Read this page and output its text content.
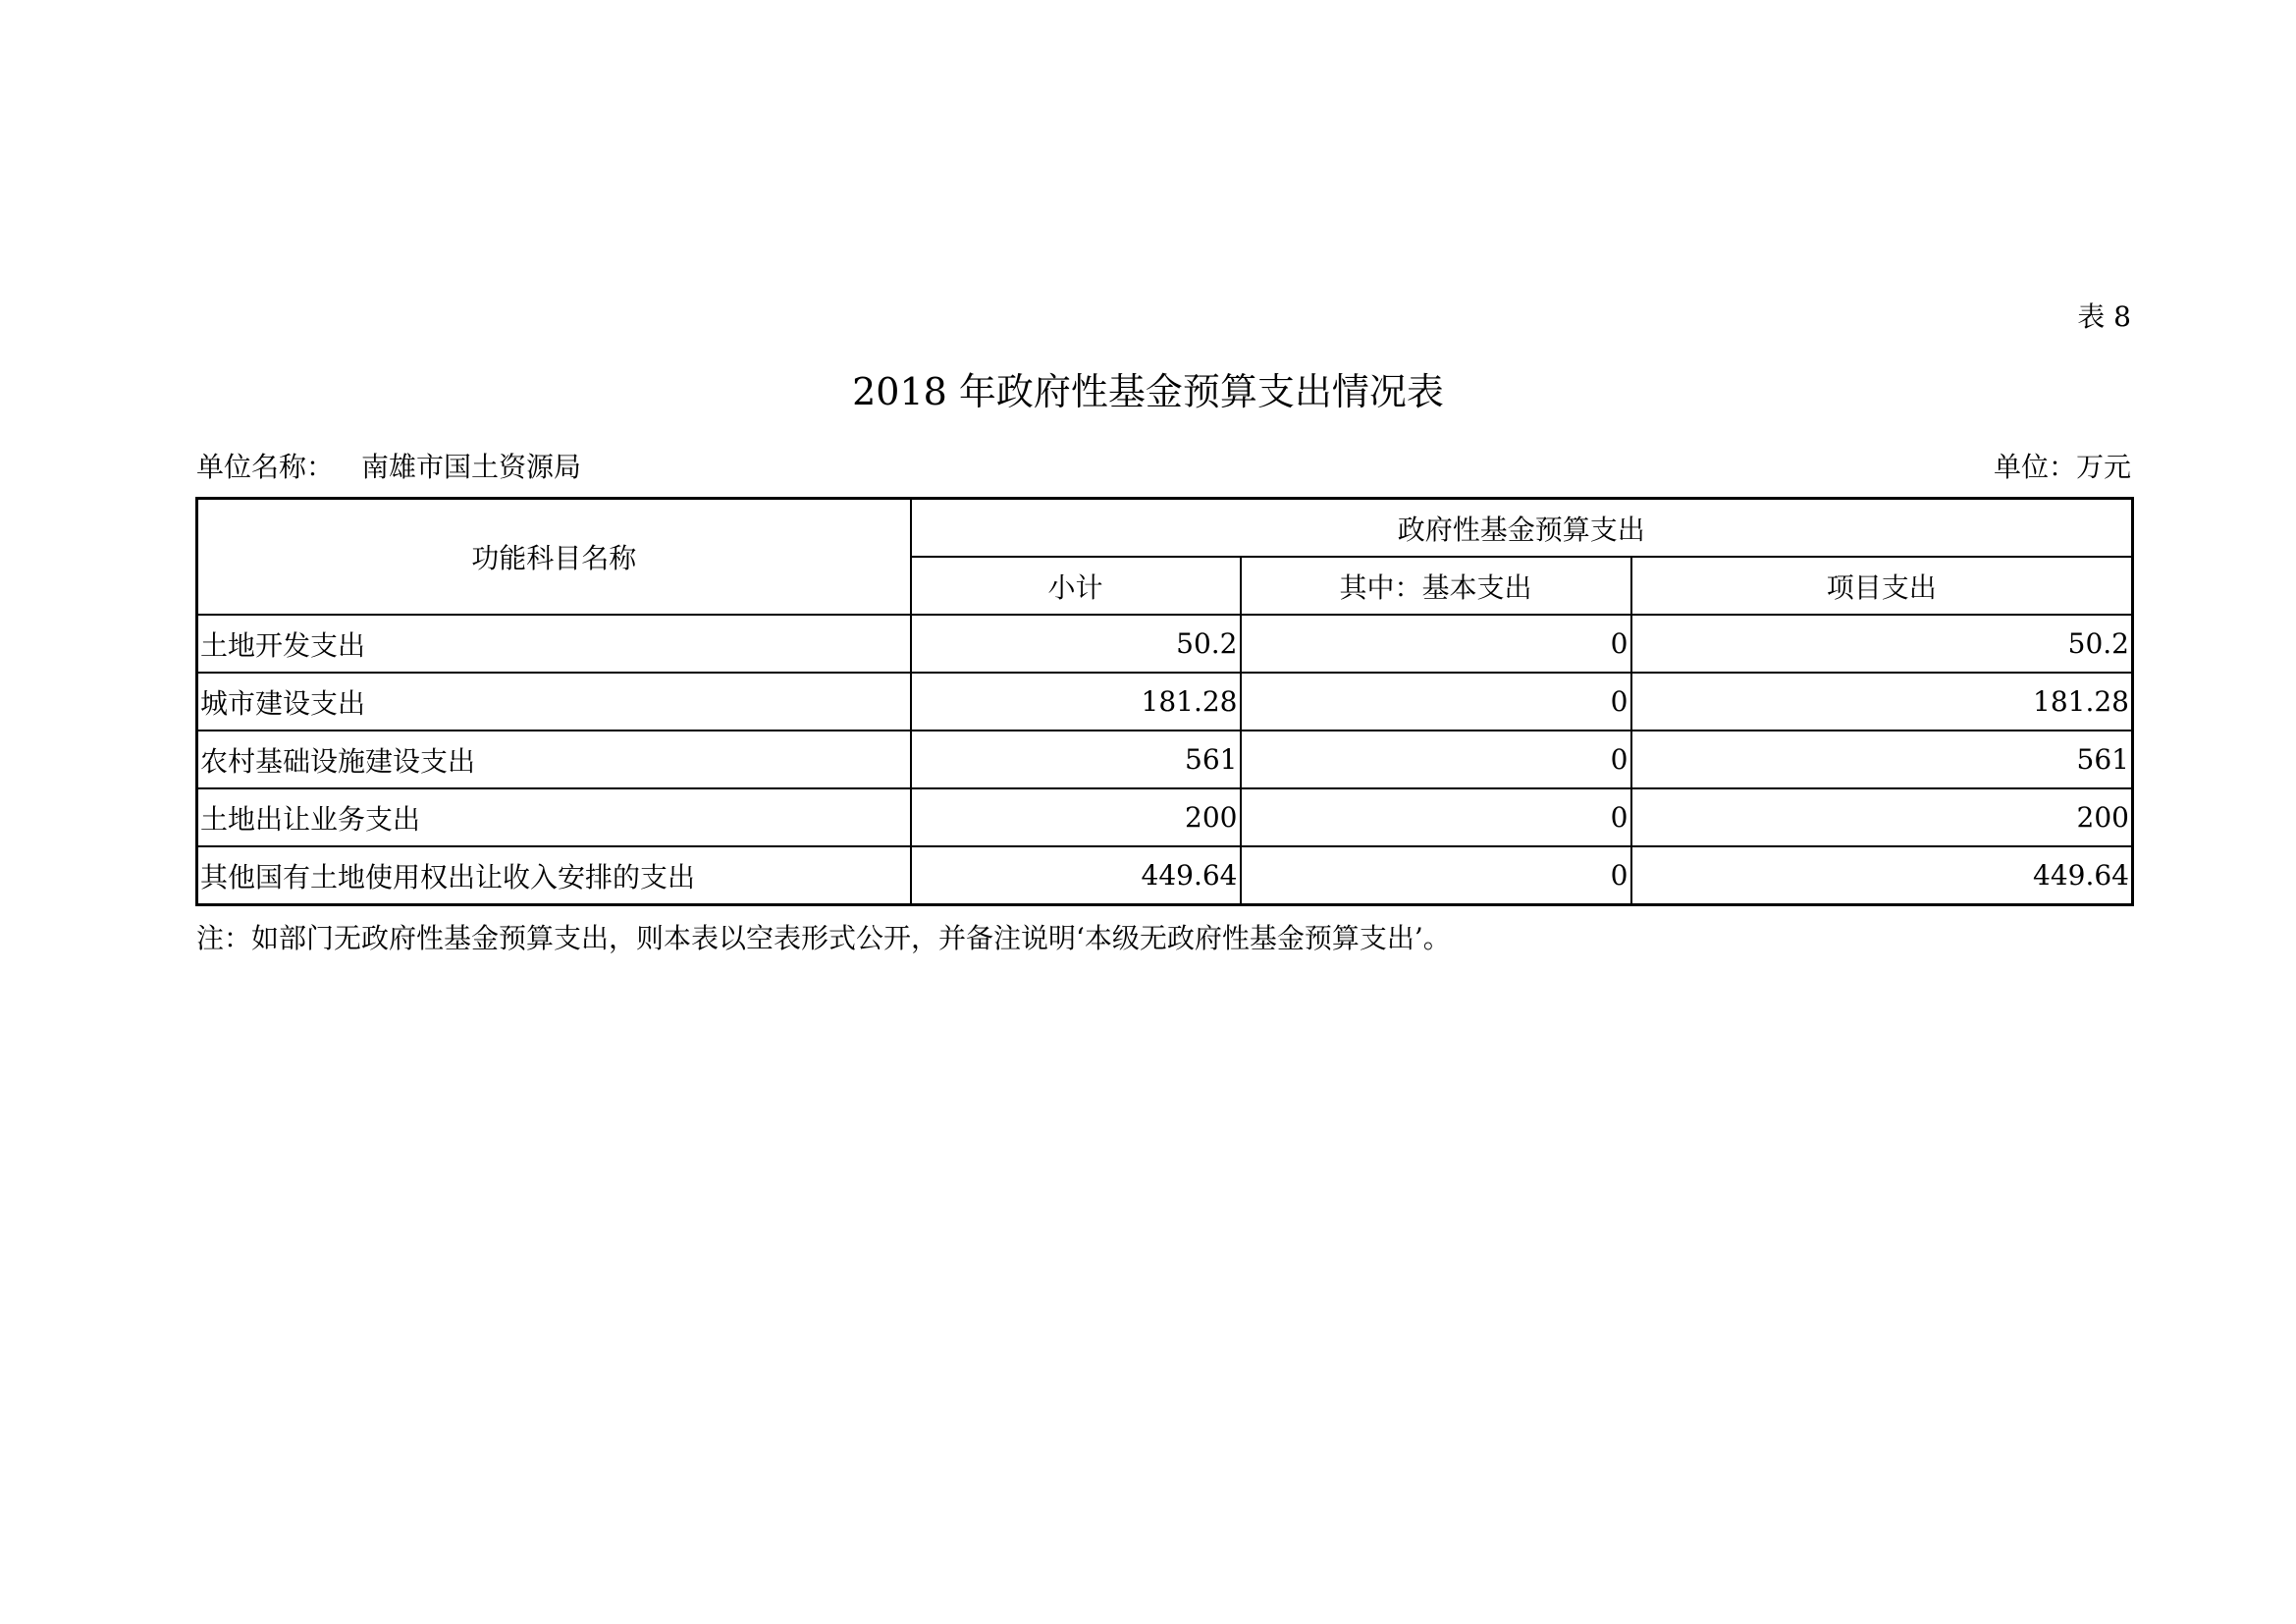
表 8
2018 年政府性基金预算支出情况表
单位名称： 南雄市国土资源局	单位：万元
功能科目名称	政府性基金预算支出		
	小计	其中：基本支出	项目支出
土地开发支出	50.2	0	50.2
城市建设支出	181.28	0	181.28
农村基础设施建设支出	561	0	561
土地出让业务支出	200	0	200
其他国有土地使用权出让收入安排的支出	449.64	0	449.64
注：如部门无政府性基金预算支出，则本表以空表形式公开，并备注说明‘本级无政府性基金预算支出’。
